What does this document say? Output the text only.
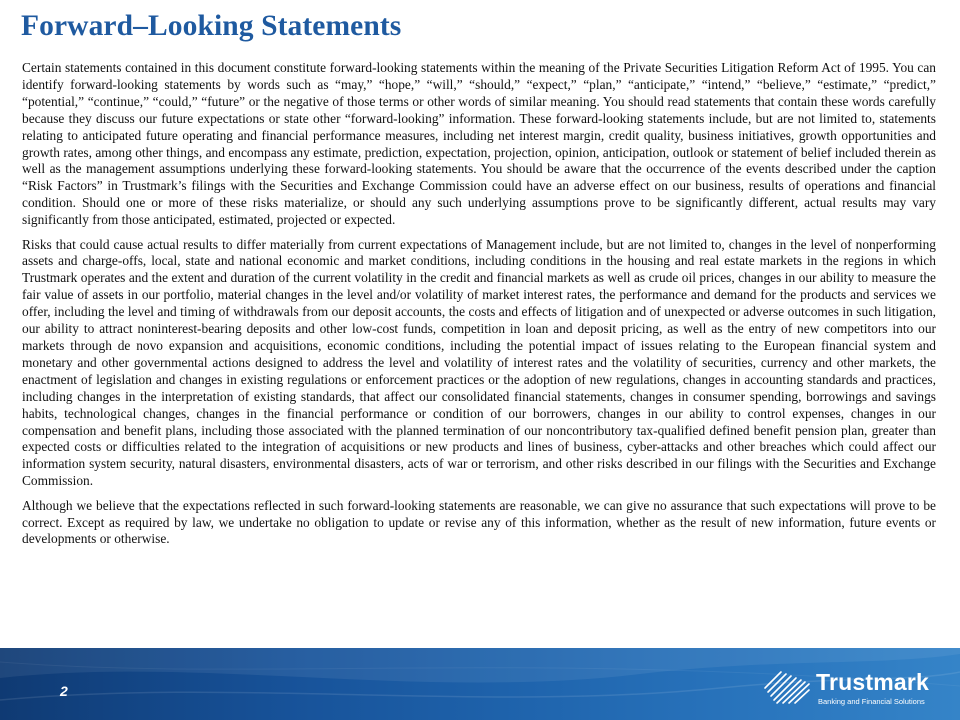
Forward–Looking Statements

Certain statements contained in this document constitute forward-looking statements within the meaning of the Private Securities Litigation Reform Act of 1995. You can identify forward-looking statements by words such as “may,” “hope,” “will,” “should,” “expect,” “plan,” “anticipate,” “intend,” “believe,” “estimate,” “predict,” “potential,” “continue,” “could,” “future” or the negative of those terms or other words of similar meaning. You should read statements that contain these words carefully because they discuss our future expectations or state other “forward-looking” information. These forward-looking statements include, but are not limited to, statements relating to anticipated future operating and financial performance measures, including net interest margin, credit quality, business initiatives, growth opportunities and growth rates, among other things, and encompass any estimate, prediction, expectation, projection, opinion, anticipation, outlook or statement of belief included therein as well as the management assumptions underlying these forward-looking statements. You should be aware that the occurrence of the events described under the caption “Risk Factors” in Trustmark’s filings with the Securities and Exchange Commission could have an adverse effect on our business, results of operations and financial condition. Should one or more of these risks materialize, or should any such underlying assumptions prove to be significantly different, actual results may vary significantly from those anticipated, estimated, projected or expected.

Risks that could cause actual results to differ materially from current expectations of Management include, but are not limited to, changes in the level of nonperforming assets and charge-offs, local, state and national economic and market conditions, including conditions in the housing and real estate markets in the regions in which Trustmark operates and the extent and duration of the current volatility in the credit and financial markets as well as crude oil prices, changes in our ability to measure the fair value of assets in our portfolio, material changes in the level and/or volatility of market interest rates, the performance and demand for the products and services we offer, including the level and timing of withdrawals from our deposit accounts, the costs and effects of litigation and of unexpected or adverse outcomes in such litigation, our ability to attract noninterest-bearing deposits and other low-cost funds, competition in loan and deposit pricing, as well as the entry of new competitors into our markets through de novo expansion and acquisitions, economic conditions, including the potential impact of issues relating to the European financial system and monetary and other governmental actions designed to address the level and volatility of interest rates and the volatility of securities, currency and other markets, the enactment of legislation and changes in existing regulations or enforcement practices or the adoption of new regulations, changes in accounting standards and practices, including changes in the interpretation of existing standards, that affect our consolidated financial statements, changes in consumer spending, borrowings and savings habits, technological changes, changes in the financial performance or condition of our borrowers, changes in our ability to control expenses, changes in our compensation and benefit plans, including those associated with the planned termination of our noncontributory tax-qualified defined benefit pension plan, greater than expected costs or difficulties related to the integration of acquisitions or new products and lines of business, cyber-attacks and other breaches which could affect our information system security, natural disasters, environmental disasters, acts of war or terrorism, and other risks described in our filings with the Securities and Exchange Commission.

Although we believe that the expectations reflected in such forward-looking statements are reasonable, we can give no assurance that such expectations will prove to be correct. Except as required by law, we undertake no obligation to update or revise any of this information, whether as the result of new information, future events or developments or otherwise.

2	Trustmark
Banking and Financial Solutions
